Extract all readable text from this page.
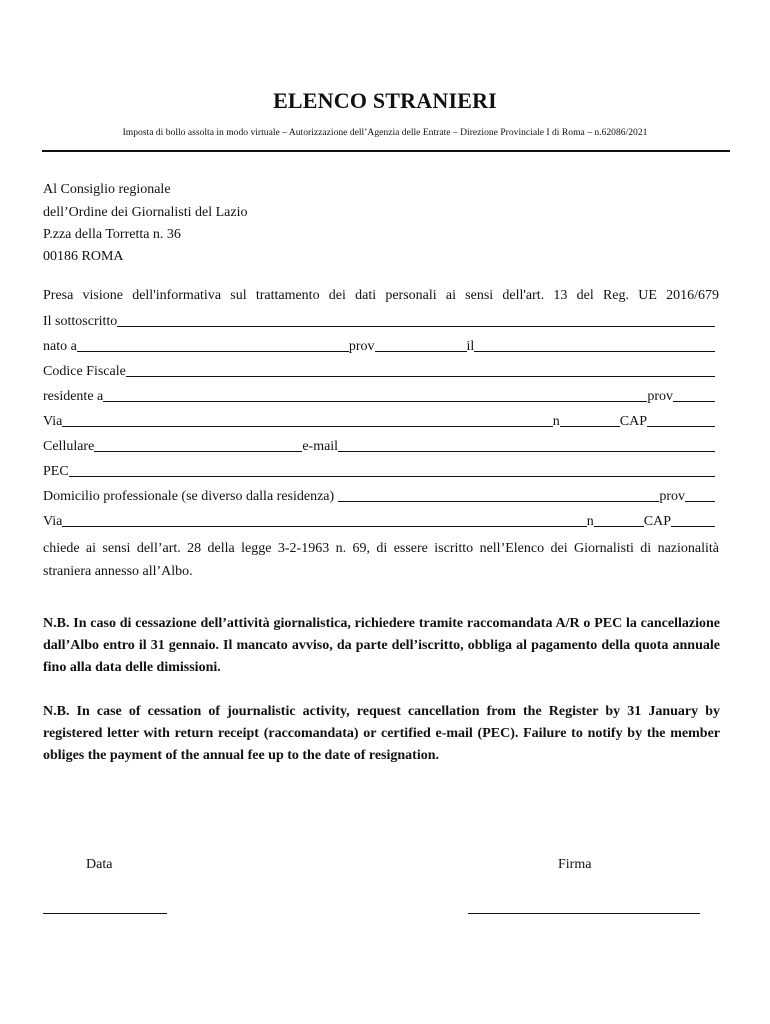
ELENCO STRANIERI
Imposta di bollo assolta in modo virtuale – Autorizzazione dell’Agenzia delle Entrate – Direzione Provinciale I di Roma – n.62086/2021
Al Consiglio regionale
dell’Ordine dei Giornalisti del Lazio
P.zza della Torretta n. 36
00186 ROMA
Presa visione dell'informativa sul trattamento dei dati personali ai sensi dell'art. 13 del Reg. UE 2016/679
Il sottoscritto
nato a	prov	il
Codice Fiscale
residente a	prov
Via	n	CAP
Cellulare	e-mail
PEC
Domicilio professionale (se diverso dalla residenza)	prov
Via	n	CAP
chiede ai sensi dell’art. 28 della legge 3-2-1963 n. 69, di essere iscritto nell’Elenco dei Giornalisti di nazionalità straniera annesso all’Albo.
N.B. In caso di cessazione dell’attività giornalistica, richiedere tramite raccomandata A/R o PEC la cancellazione dall’Albo entro il 31 gennaio. Il mancato avviso, da parte dell’iscritto, obbliga al pagamento della quota annuale fino alla data delle dimissioni.
N.B. In case of cessation of journalistic activity, request cancellation from the Register by 31 January by registered letter with return receipt (raccomandata) or certified e-mail (PEC). Failure to notify by the member obliges the payment of the annual fee up to the date of resignation.
Data	Firma
